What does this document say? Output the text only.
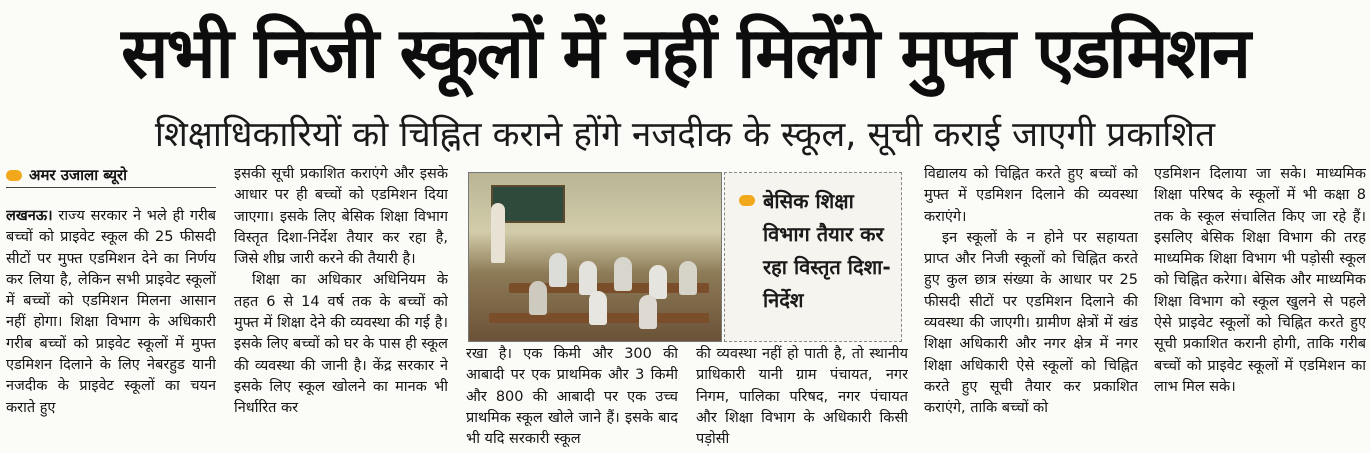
सभी निजी स्कूलों में नहीं मिलेंगे मुफ्त एडमिशन
शिक्षाधिकारियों को चिह्नित कराने होंगे नजदीक के स्कूल, सूची कराई जाएगी प्रकाशित
अमर उजाला ब्यूरो

लखनऊ। राज्य सरकार ने भले ही गरीब बच्चों को प्राइवेट स्कूल की 25 फीसदी सीटों पर मुफ्त एडमिशन देने का निर्णय कर लिया है, लेकिन सभी प्राइवेट स्कूलों में बच्चों को एडमिशन मिलना आसान नहीं होगा। शिक्षा विभाग के अधिकारी गरीब बच्चों को प्राइवेट स्कूलों में मुफ्त एडमिशन दिलाने के लिए नेबरहुड यानी नजदीक के प्राइवेट स्कूलों का चयन कराते हुए

इसकी सूची प्रकाशित कराएंगे और इसके आधार पर ही बच्चों को एडमिशन दिया जाएगा। इसके लिए बेसिक शिक्षा विभाग विस्तृत दिशा-निर्देश तैयार कर रहा है, जिसे शीघ्र जारी करने की तैयारी है।

शिक्षा का अधिकार अधिनियम के तहत 6 से 14 वर्ष तक के बच्चों को मुफ्त में शिक्षा देने की व्यवस्था की गई है। इसके लिए बच्चों को घर के पास ही स्कूल की व्यवस्था की जानी है। केंद्र सरकार ने इसके लिए स्कूल खोलने का मानक भी निर्धारित कर

बेसिक शिक्षा विभाग तैयार कर रहा विस्तृत दिशा-निर्देश

रखा है। एक किमी और 300 की आबादी पर एक प्राथमिक और 3 किमी और 800 की आबादी पर एक उच्च प्राथमिक स्कूल खोले जाने हैं। इसके बाद भी यदि सरकारी स्कूल

की व्यवस्था नहीं हो पाती है, तो स्थानीय प्राधिकारी यानी ग्राम पंचायत, नगर निगम, पालिका परिषद, नगर पंचायत और शिक्षा विभाग के अधिकारी किसी पड़ोसी

विद्यालय को चिह्नित करते हुए बच्चों को मुफ्त में एडमिशन दिलाने की व्यवस्था कराएंगे।

इन स्कूलों के न होने पर सहायता प्राप्त और निजी स्कूलों को चिह्नित करते हुए कुल छात्र संख्या के आधार पर 25 फीसदी सीटों पर एडमिशन दिलाने की व्यवस्था की जाएगी। ग्रामीण क्षेत्रों में खंड शिक्षा अधिकारी और नगर क्षेत्र में नगर शिक्षा अधिकारी ऐसे स्कूलों को चिह्नित करते हुए सूची तैयार कर प्रकाशित कराएंगे, ताकि बच्चों को

एडमिशन दिलाया जा सके। माध्यमिक शिक्षा परिषद के स्कूलों में भी कक्षा 8 तक के स्कूल संचालित किए जा रहे हैं। इसलिए बेसिक शिक्षा विभाग की तरह माध्यमिक शिक्षा विभाग भी पड़ोसी स्कूल को चिह्नित करेगा। बेसिक और माध्यमिक शिक्षा विभाग को स्कूल खुलने से पहले ऐसे प्राइवेट स्कूलों को चिह्नित करते हुए सूची प्रकाशित करानी होगी, ताकि गरीब बच्चों को प्राइवेट स्कूलों में एडमिशन का लाभ मिल सके।
